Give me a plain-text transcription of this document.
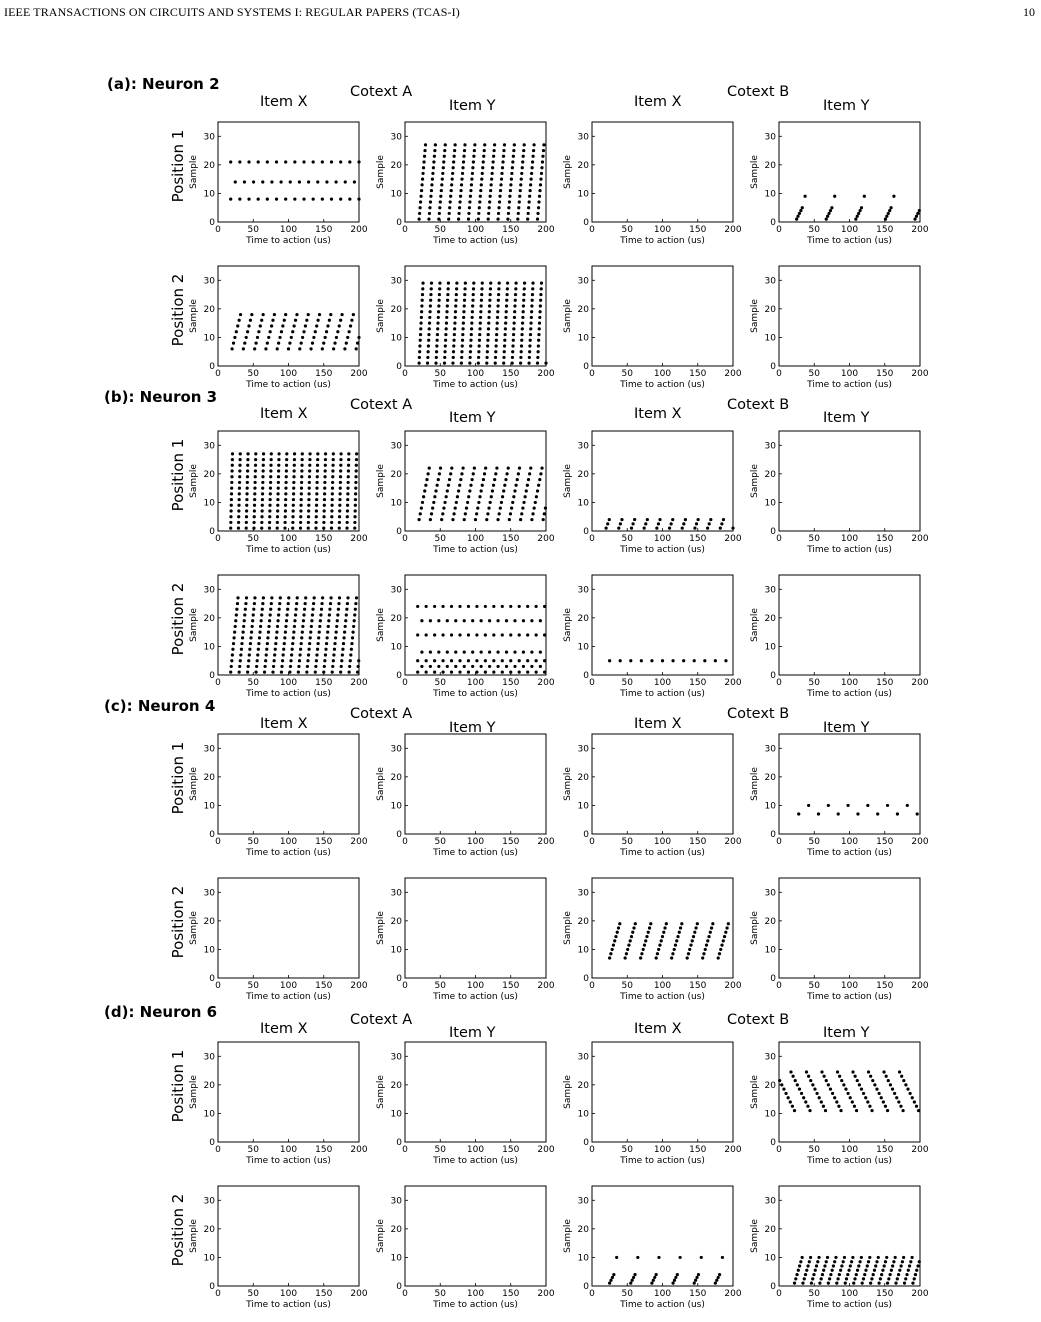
IEEE TRANSACTIONS ON CIRCUITS AND SYSTEMS I: REGULAR PAPERS (TCAS-I)	10
(a): Neuron 2	Cotext A	Cotext B
Item X	Item Y	Item X	Item Y
Position 1
Position 2
(b): Neuron 3	Cotext A	Cotext B
Item X	Item Y	Item X	Item Y
Position 1
Position 2
(c): Neuron 4	Cotext A	Cotext B
Item X	Item Y	Item X	Item Y
Position 1
Position 2
(d): Neuron 6	Cotext A	Cotext B
Item X	Item Y	Item X	Item Y
Position 1
Position 2
0	50 100 150 200
0
10
20
30
Time to action (us)
Sample
0	50 100 150 200
0
10
20
30
Time to action (us)
Sample
0	50 100 150 200
0
10
20
30
Time to action (us)
Sample
0	50 100 150 200
0
10
20
30
Time to action (us)
Sample
0	50 100 150 200
0
10
20
30
Time to action (us)
Sample
0	50 100 150 200
0
10
20
30
Time to action (us)
Sample
0	50 100 150 200
0
10
20
30
Time to action (us)
Sample
0	50 100 150 200
0
10
20
30
Time to action (us)
Sample
0	50 100 150 200
0
10
20
30
Time to action (us)
Sample
0	50 100 150 200
0
10
20
30
Time to action (us)
Sample
0	50 100 150 200
0
10
20
30
Time to action (us)
Sample
0	50 100 150 200
0
10
20
30
Time to action (us)
Sample
0	50 100 150 200
0
10
20
30
Time to action (us)
Sample
0	50 100 150 200
0
10
20
30
Time to action (us)
Sample
0	50 100 150 200
0
10
20
30
Time to action (us)
Sample
0	50 100 150 200
0
10
20
30
Time to action (us)
Sample
0	50 100 150 200
0
10
20
30
Time to action (us)
Sample
0	50 100 150 200
0
10
20
30
Time to action (us)
Sample
0	50 100 150 200
0
10
20
30
Time to action (us)
Sample
0	50 100 150 200
0
10
20
30
Time to action (us)
Sample
0	50 100 150 200
0
10
20
30
Time to action (us)
Sample
0	50 100 150 200
0
10
20
30
Time to action (us)
Sample
0	50 100 150 200
0
10
20
30
Time to action (us)
Sample
0	50 100 150 200
0
10
20
30
Time to action (us)
Sample
0	50 100 150 200
0
10
20
30
Time to action (us)
Sample
0	50 100 150 200
0
10
20
30
Time to action (us)
Sample
0	50 100 150 200
0
10
20
30
Time to action (us)
Sample
0	50 100 150 200
0
10
20
30
Time to action (us)
Sample
0	50 100 150 200
0
10
20
30
Time to action (us)
Sample
0	50 100 150 200
0
10
20
30
Time to action (us)
Sample
0	50 100 150 200
0
10
20
30
Time to action (us)
Sample
0	50 100 150 200
0
10
20
30
Time to action (us)
Sample
